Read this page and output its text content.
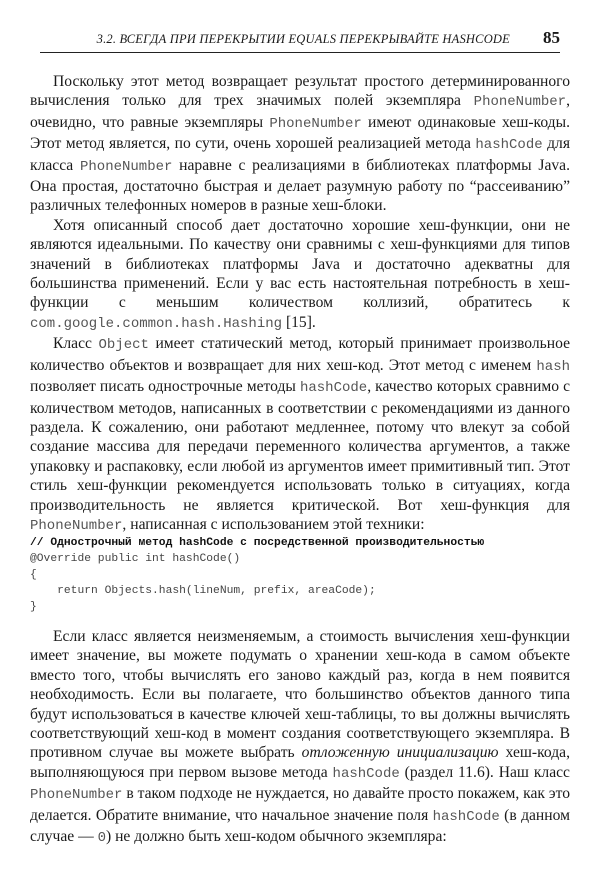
3.2. ВСЕГДА ПРИ ПЕРЕКРЫТИИ EQUALS ПЕРЕКРЫВАЙТЕ HASHCODE 85

Поскольку этот метод возвращает результат простого детерминированного вычисления только для трех значимых полей экземпляра PhoneNumber, очевидно, что равные экземпляры PhoneNumber имеют одинаковые хеш-коды. Этот метод является, по сути, очень хорошей реализацией метода hashCode для класса PhoneNumber наравне с реализациями в библиотеках платформы Java. Она простая, достаточно быстрая и делает разумную работу по “рассеиванию” различных телефонных номеров в разные хеш-блоки.

Хотя описанный способ дает достаточно хорошие хеш-функции, они не являются идеальными. По качеству они сравнимы с хеш-функциями для типов значений в библиотеках платформы Java и достаточно адекватны для большинства применений. Если у вас есть настоятельная потребность в хеш-функции с меньшим количеством коллизий, обратитесь к com.google.common.hash.Hashing [15].

Класс Object имеет статический метод, который принимает произвольное количество объектов и возвращает для них хеш-код. Этот метод с именем hash позволяет писать однострочные методы hashCode, качество которых сравнимо с количеством методов, написанных в соответствии с рекомендациями из данного раздела. К сожалению, они работают медленнее, потому что влекут за собой создание массива для передачи переменного количества аргументов, а также упаковку и распаковку, если любой из аргументов имеет примитивный тип. Этот стиль хеш-функции рекомендуется использовать только в ситуациях, когда производительность не является критической. Вот хеш-функция для PhoneNumber, написанная с использованием этой техники:

// Однострочный метод hashCode с посредственной производительностью
@Override public int hashCode()
{
return Objects.hash(lineNum, prefix, areaCode);
}

Если класс является неизменяемым, а стоимость вычисления хеш-функции имеет значение, вы можете подумать о хранении хеш-кода в самом объекте вместо того, чтобы вычислять его заново каждый раз, когда в нем появится необходимость. Если вы полагаете, что большинство объектов данного типа будут использоваться в качестве ключей хеш-таблицы, то вы должны вычислять соответствующий хеш-код в момент создания соответствующего экземпляра. В противном случае вы можете выбрать отложенную инициализацию хеш-кода, выполняющуюся при первом вызове метода hashCode (раздел 11.6). Наш класс PhoneNumber в таком подходе не нуждается, но давайте просто покажем, как это делается. Обратите внимание, что начальное значение поля hashCode (в данном случае — 0) не должно быть хеш-кодом обычного экземпляра:
